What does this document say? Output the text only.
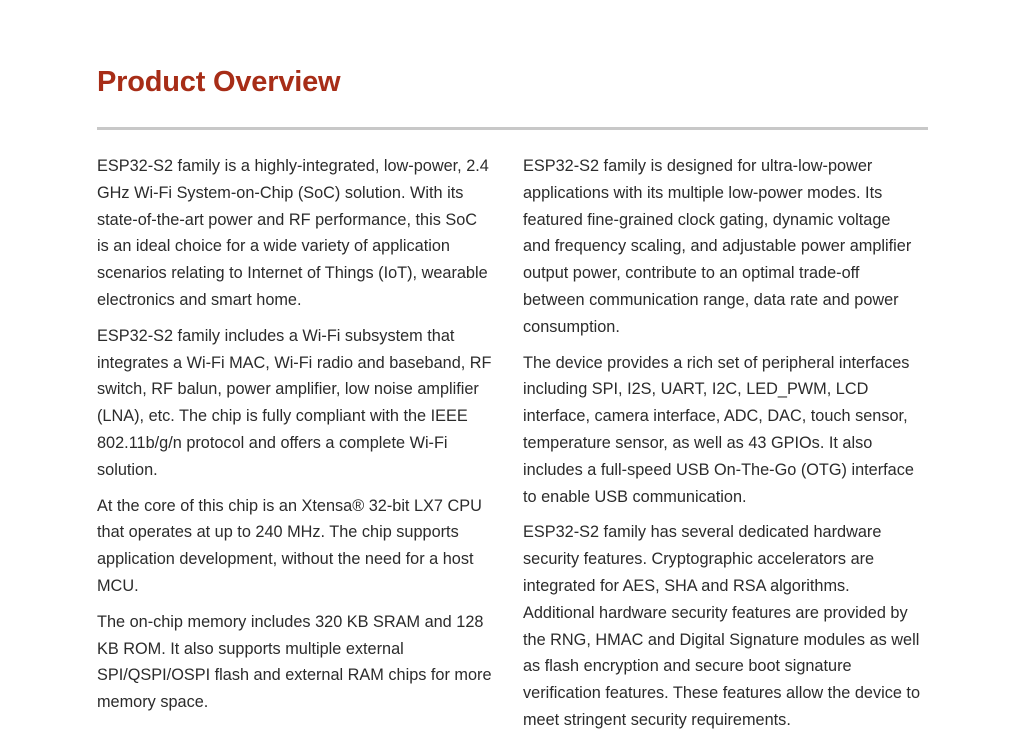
Product Overview

ESP32-S2 family is a highly-integrated, low-power, 2.4
GHz Wi-Fi System-on-Chip (SoC) solution. With its
state-of-the-art power and RF performance, this SoC
is an ideal choice for a wide variety of application
scenarios relating to Internet of Things (IoT), wearable
electronics and smart home.

ESP32-S2 family includes a Wi-Fi subsystem that
integrates a Wi-Fi MAC, Wi-Fi radio and baseband, RF
switch, RF balun, power amplifier, low noise amplifier
(LNA), etc. The chip is fully compliant with the IEEE
802.11b/g/n protocol and offers a complete Wi-Fi
solution.

At the core of this chip is an Xtensa® 32-bit LX7 CPU
that operates at up to 240 MHz. The chip supports
application development, without the need for a host
MCU.

The on-chip memory includes 320 KB SRAM and 128
KB ROM. It also supports multiple external
SPI/QSPI/OSPI flash and external RAM chips for more
memory space.

ESP32-S2 family is designed for ultra-low-power
applications with its multiple low-power modes. Its
featured fine-grained clock gating, dynamic voltage
and frequency scaling, and adjustable power amplifier
output power, contribute to an optimal trade-off
between communication range, data rate and power
consumption.

The device provides a rich set of peripheral interfaces
including SPI, I2S, UART, I2C, LED_PWM, LCD
interface, camera interface, ADC, DAC, touch sensor,
temperature sensor, as well as 43 GPIOs. It also
includes a full-speed USB On-The-Go (OTG) interface
to enable USB communication.

ESP32-S2 family has several dedicated hardware
security features. Cryptographic accelerators are
integrated for AES, SHA and RSA algorithms.
Additional hardware security features are provided by
the RNG, HMAC and Digital Signature modules as well
as flash encryption and secure boot signature
verification features. These features allow the device to
meet stringent security requirements.
